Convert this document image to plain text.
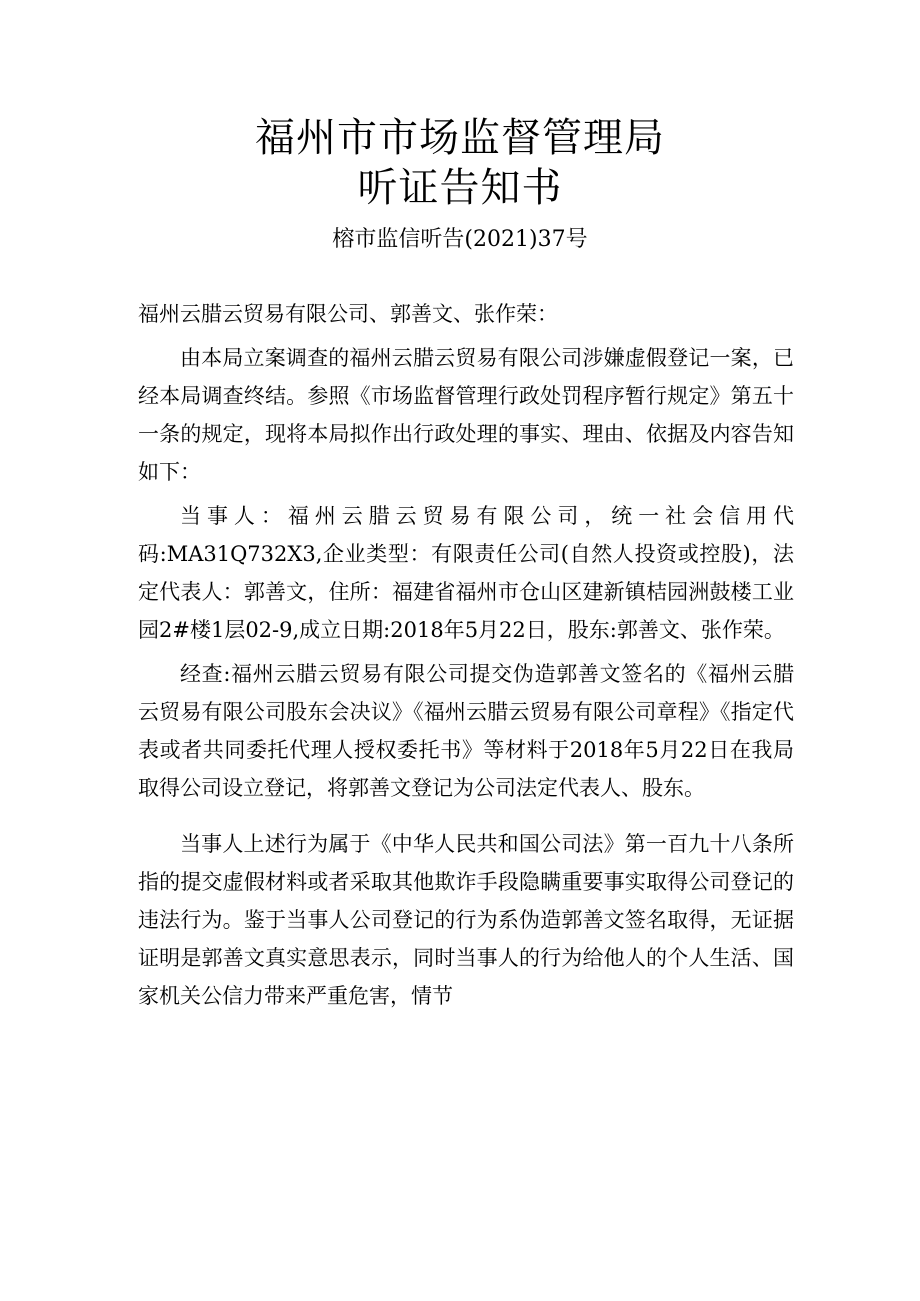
福州市市场监督管理局
听证告知书
榕市监信听告(2021)37号

福州云腊云贸易有限公司、郭善文、张作荣：

由本局立案调查的福州云腊云贸易有限公司涉嫌虚假登记一案，已经本局调查终结。参照《市场监督管理行政处罚程序暂行规定》第五十一条的规定，现将本局拟作出行政处理的事实、理由、依据及内容告知如下：

当事人：福州云腊云贸易有限公司，统一社会信用代码:MA31Q732X3,企业类型：有限责任公司(自然人投资或控股)，法定代表人：郭善文，住所：福建省福州市仓山区建新镇桔园洲鼓楼工业园2#楼1层02-9,成立日期:2018年5月22日，股东:郭善文、张作荣。

经查:福州云腊云贸易有限公司提交伪造郭善文签名的《福州云腊云贸易有限公司股东会决议》《福州云腊云贸易有限公司章程》《指定代表或者共同委托代理人授权委托书》等材料于2018年5月22日在我局取得公司设立登记，将郭善文登记为公司法定代表人、股东。

当事人上述行为属于《中华人民共和国公司法》第一百九十八条所指的提交虚假材料或者采取其他欺诈手段隐瞒重要事实取得公司登记的违法行为。鉴于当事人公司登记的行为系伪造郭善文签名取得，无证据证明是郭善文真实意思表示，同时当事人的行为给他人的个人生活、国家机关公信力带来严重危害，情节
